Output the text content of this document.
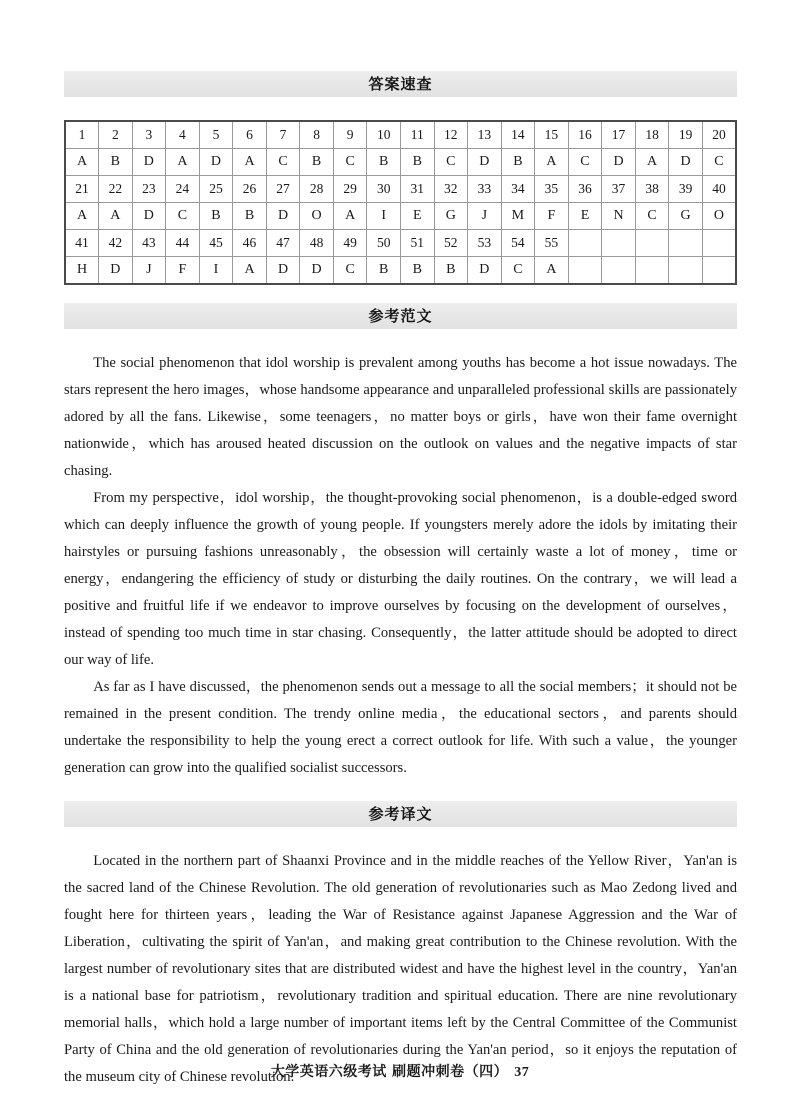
答案速查
1	2	3	4	5	6	7	8	9	10	11	12	13	14	15	16	17	18	19	20
A	B	D	A	D	A	C	B	C	B	B	C	D	B	A	C	D	A	D	C
21	22	23	24	25	26	27	28	29	30	31	32	33	34	35	36	37	38	39	40
A	A	D	C	B	B	D	O	A	I	E	G	J	M	F	E	N	C	G	O
41	42	43	44	45	46	47	48	49	50	51	52	53	54	55					
H	D	J	F	I	A	D	D	C	B	B	B	D	C	A					
参考范文

The social phenomenon that idol worship is prevalent among youths has become a hot issue nowadays. The stars represent the hero images，whose handsome appearance and unparalleled professional skills are passionately adored by all the fans. Likewise，some teenagers，no matter boys or girls，have won their fame overnight nationwide，which has aroused heated discussion on the outlook on values and the negative impacts of star chasing.

From my perspective，idol worship，the thought-provoking social phenomenon，is a double-edged sword which can deeply influence the growth of young people. If youngsters merely adore the idols by imitating their hairstyles or pursuing fashions unreasonably，the obsession will certainly waste a lot of money，time or energy，endangering the efficiency of study or disturbing the daily routines. On the contrary，we will lead a positive and fruitful life if we endeavor to improve ourselves by focusing on the development of ourselves，instead of spending too much time in star chasing. Consequently，the latter attitude should be adopted to direct our way of life.

As far as I have discussed，the phenomenon sends out a message to all the social members；it should not be remained in the present condition. The trendy online media，the educational sectors，and parents should undertake the responsibility to help the young erect a correct outlook for life. With such a value，the younger generation can grow into the qualified socialist successors.

参考译文

Located in the northern part of Shaanxi Province and in the middle reaches of the Yellow River，Yan'an is the sacred land of the Chinese Revolution. The old generation of revolutionaries such as Mao Zedong lived and fought here for thirteen years，leading the War of Resistance against Japanese Aggression and the War of Liberation，cultivating the spirit of Yan'an，and making great contribution to the Chinese revolution. With the largest number of revolutionary sites that are distributed widest and have the highest level in the country，Yan'an is a national base for patriotism，revolutionary tradition and spiritual education. There are nine revolutionary memorial halls，which hold a large number of important items left by the Central Committee of the Communist Party of China and the old generation of revolutionaries during the Yan'an period，so it enjoys the reputation of the museum city of Chinese revolution.

大学英语六级考试 刷题冲刺卷（四） 37
